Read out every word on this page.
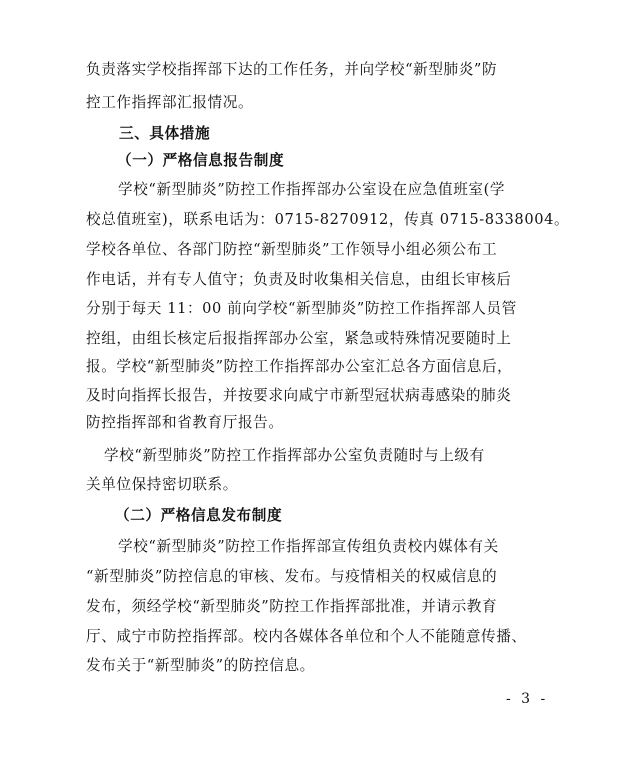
负责落实学校指挥部下达的工作任务，并向学校“新型肺炎”防
控工作指挥部汇报情况。
三、具体措施
（一）严格信息报告制度
学校“新型肺炎”防控工作指挥部办公室设在应急值班室(学
校总值班室)，联系电话为：0715-8270912，传真 0715-8338004。
学校各单位、各部门防控“新型肺炎”工作领导小组必须公布工
作电话，并有专人值守；负责及时收集相关信息，由组长审核后
分别于每天 11：00 前向学校“新型肺炎”防控工作指挥部人员管
控组，由组长核定后报指挥部办公室，紧急或特殊情况要随时上
报。学校“新型肺炎”防控工作指挥部办公室汇总各方面信息后，
及时向指挥长报告，并按要求向咸宁市新型冠状病毒感染的肺炎
防控指挥部和省教育厅报告。
学校“新型肺炎”防控工作指挥部办公室负责随时与上级有
关单位保持密切联系。
（二）严格信息发布制度
学校“新型肺炎”防控工作指挥部宣传组负责校内媒体有关
“新型肺炎”防控信息的审核、发布。与疫情相关的权威信息的
发布，须经学校“新型肺炎”防控工作指挥部批准，并请示教育
厅、咸宁市防控指挥部。校内各媒体各单位和个人不能随意传播、
发布关于“新型肺炎”的防控信息。
- 3 -
